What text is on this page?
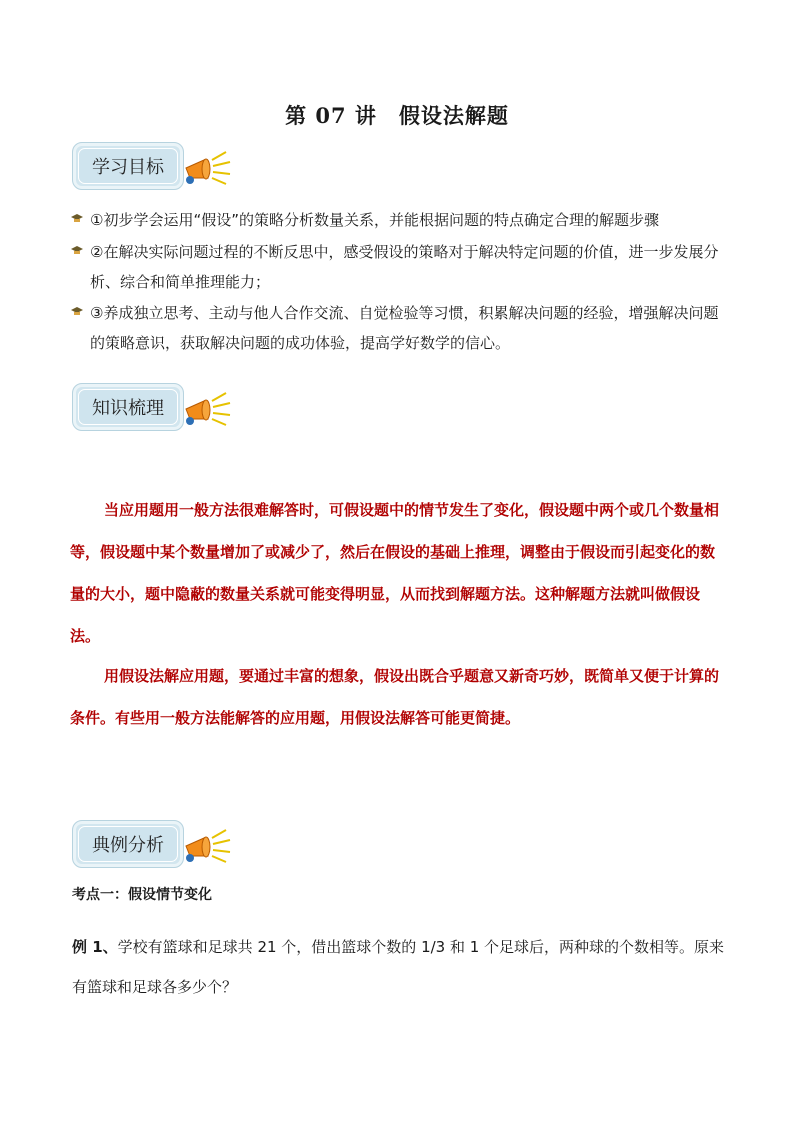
第 07 讲　假设法解题
学习目标
①初步学会运用“假设”的策略分析数量关系，并能根据问题的特点确定合理的解题步骤
②在解决实际问题过程的不断反思中，感受假设的策略对于解决特定问题的价值，进一步发展分析、综合和简单推理能力；
③养成独立思考、主动与他人合作交流、自觉检验等习惯，积累解决问题的经验，增强解决问题的策略意识，获取解决问题的成功体验，提高学好数学的信心。
知识梳理
当应用题用一般方法很难解答时，可假设题中的情节发生了变化，假设题中两个或几个数量相等，假设题中某个数量增加了或减少了，然后在假设的基础上推理，调整由于假设而引起变化的数量的大小，题中隐蔽的数量关系就可能变得明显，从而找到解题方法。这种解题方法就叫做假设法。
用假设法解应用题，要通过丰富的想象，假设出既合乎题意又新奇巧妙，既简单又便于计算的条件。有些用一般方法能解答的应用题，用假设法解答可能更简捷。
典例分析
考点一：假设情节变化
例 1、学校有篮球和足球共 21 个，借出篮球个数的 1/3 和 1 个足球后，两种球的个数相等。原来有篮球和足球各多少个？
